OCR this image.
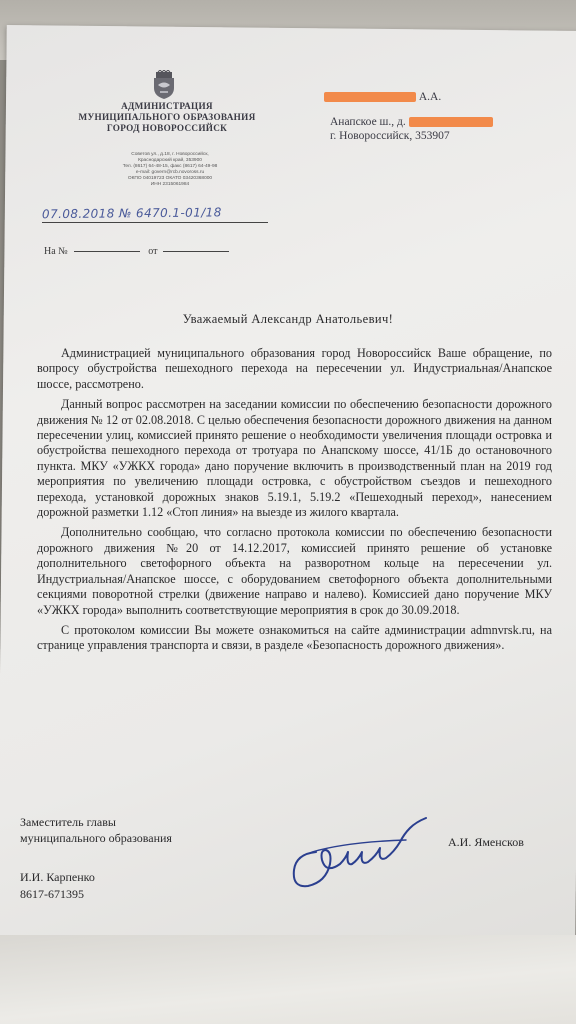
АДМИНИСТРАЦИЯ
МУНИЦИПАЛЬНОГО ОБРАЗОВАНИЯ
ГОРОД НОВОРОССИЙСК
Советов ул., д.18, г. Новороссийск,
Краснодарский край, 353900
Тел. (8617) 64-48-15, факс (8617) 64-49-98
e-mail: govern@rcb.novoross.ru
ОКПО 04019723 ОКАТО 03420368000
ИНН 2315061984
А.А.
Анапское ш., д.
г. Новороссийск, 353907
07.08.2018 № 6470.1-01/18
На №	от
Уважаемый Александр Анатольевич!

Администрацией муниципального образования город Новороссийск Ваше обращение, по вопросу обустройства пешеходного перехода на пересечении ул. Индустриальная/Анапское шоссе, рассмотрено.

Данный вопрос рассмотрен на заседании комиссии по обеспечению безопасности дорожного движения № 12 от 02.08.2018. С целью обеспечения безопасности дорожного движения на данном пересечении улиц, комиссией принято решение о необходимости увеличения площади островка и обустройства пешеходного перехода от тротуара по Анапскому шоссе, 41/1Б до остановочного пункта. МКУ «УЖКХ города» дано поручение включить в производственный план на 2019 год мероприятия по увеличению площади островка, с обустройством съездов и пешеходного перехода, установкой дорожных знаков 5.19.1, 5.19.2 «Пешеходный переход», нанесением дорожной разметки 1.12 «Стоп линия» на выезде из жилого квартала.

Дополнительно сообщаю, что согласно протокола комиссии по обеспечению безопасности дорожного движения №20 от 14.12.2017, комиссией принято решение об установке дополнительного светофорного объекта на разворотном кольце на пересечении ул. Индустриальная/Анапское шоссе, с оборудованием светофорного объекта дополнительными секциями поворотной стрелки (движение направо и налево). Комиссией дано поручение МКУ «УЖКХ города» выполнить соответствующие мероприятия в срок до 30.09.2018.

С протоколом комиссии Вы можете ознакомиться на сайте администрации admnvrsk.ru, на странице управления транспорта и связи, в разделе «Безопасность дорожного движения».

Заместитель главы
муниципального образования	А.И. Яменсков
И.И. Карпенко
8617-671395
